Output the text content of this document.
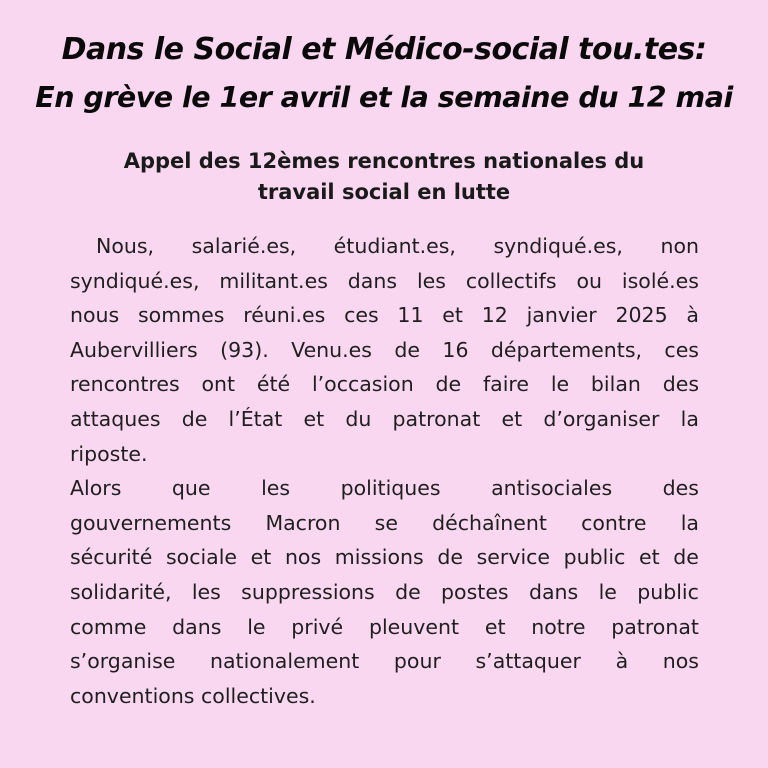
Dans le Social et Médico-social tou.tes:
En grève le 1er avril et la semaine du 12 mai
Appel des 12èmes rencontres nationales du
travail social en lutte
Nous, salarié.es, étudiant.es, syndiqué.es, non
syndiqué.es, militant.es dans les collectifs ou isolé.es
nous sommes réuni.es ces 11 et 12 janvier 2025 à
Aubervilliers (93). Venu.es de 16 départements, ces
rencontres ont été l’occasion de faire le bilan des
attaques de l’État et du patronat et d’organiser la
riposte.
Alors que les politiques antisociales des
gouvernements Macron se déchaînent contre la
sécurité sociale et nos missions de service public et de
solidarité, les suppressions de postes dans le public
comme dans le privé pleuvent et notre patronat
s’organise nationalement pour s’attaquer à nos
conventions collectives.
